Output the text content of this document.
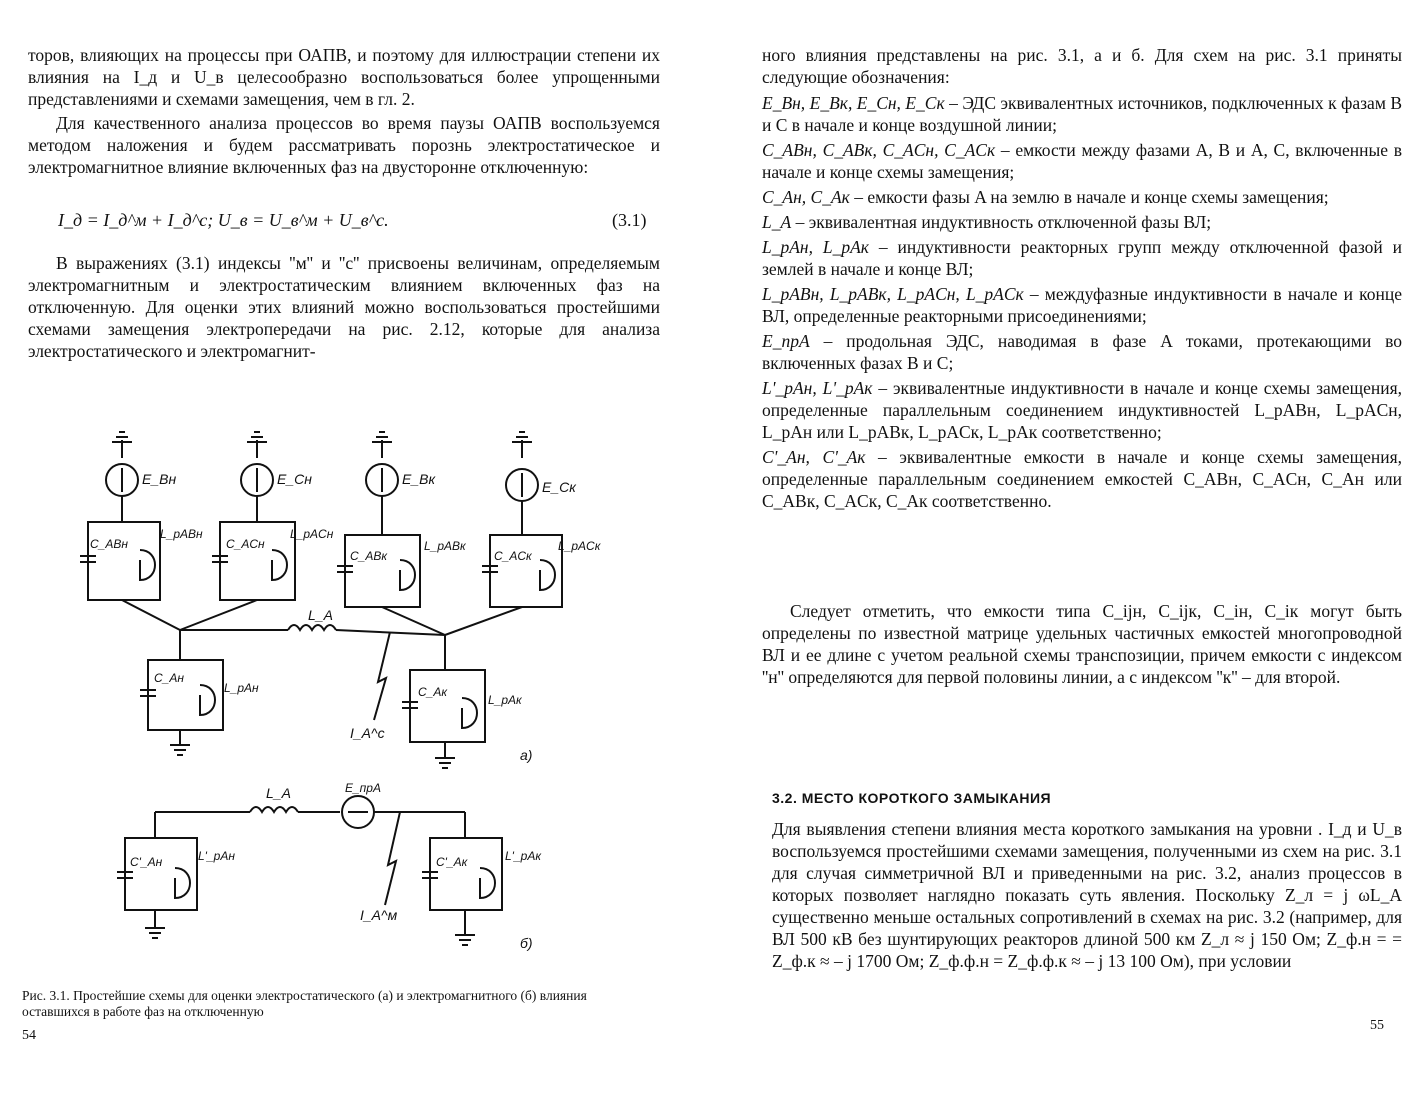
торов, влияющих на процессы при ОАПВ, и поэтому для иллюстрации степени их влияния на I_д и U_в целесообразно воспользоваться более упрощенными представлениями и схемами замещения, чем в гл. 2.
Для качественного анализа процессов во время паузы ОАПВ воспользуемся методом наложения и будем рассматривать порознь электростатическое и электромагнитное влияние включенных фаз на двусторонне отключенную:
I_д = I_д^м + I_д^с; U_в = U_в^м + U_в^с.	(3.1)
В выражениях (3.1) индексы ''м'' и ''с'' присвоены величинам, определяемым электромагнитным и электростатическим влиянием включенных фаз на отключенную. Для оценки этих влияний можно воспользоваться простейшими схемами замещения электропередачи на рис. 2.12, которые для анализа электростатического и электромагнит-
E_Bн	E_Cн	E_Bк	E_Cк
C_ABн	C_ACн
C_ABк	C_ACк
L_pABн	L_pACн
L_pABк	L_pACк
L_A
C_Aн
L_pAн	C_Aк
L_pAк
I_A^c
а)
E_прA
L_A
C'_Aн	L'_pAн	C'_Aк	L'_pAк
I_A^м
б)
Рис. 3.1. Простейшие схемы для оценки электростатического (а) и электромагнитного (б) влияния оставшихся в работе фаз на отключенную
54
ного влияния представлены на рис. 3.1, а и б. Для схем на рис. 3.1 приняты следующие обозначения:
E_Bн, E_Bк, E_Cн, E_Cк – ЭДС эквивалентных источников, подключенных к фазам B и C в начале и конце воздушной линии;
C_ABн, C_ABк, C_ACн, C_ACк – емкости между фазами A, B и A, C, включенные в начале и конце схемы замещения;
C_Aн, C_Aк – емкости фазы A на землю в начале и конце схемы замещения;
L_A – эквивалентная индуктивность отключенной фазы ВЛ;
L_pAн, L_pAк – индуктивности реакторных групп между отключенной фазой и землей в начале и конце ВЛ;
L_pABн, L_pABк, L_pACн, L_pACк – междуфазные индуктивности в начале и конце ВЛ, определенные реакторными присоединениями;
E_прA – продольная ЭДС, наводимая в фазе A токами, протекающими во включенных фазах B и C;
L'_pAн, L'_pAк – эквивалентные индуктивности в начале и конце схемы замещения, определенные параллельным соединением индуктивностей L_pABн, L_pACн, L_pAн или L_pABк, L_pACк, L_pAк соответственно;
C'_Aн, C'_Aк – эквивалентные емкости в начале и конце схемы замещения, определенные параллельным соединением емкостей C_ABн, C_ACн, C_Aн или C_ABк, C_ACк, C_Aк соответственно.
Следует отметить, что емкости типа C_ijн, C_ijк, C_iн, C_iк могут быть определены по известной матрице удельных частичных емкостей многопроводной ВЛ и ее длине с учетом реальной схемы транспозиции, причем емкости с индексом ''н'' определяются для первой половины линии, а с индексом ''к'' – для второй.
3.2. МЕСТО КОРОТКОГО ЗАМЫКАНИЯ
Для выявления степени влияния места короткого замыкания на уровни . I_д и U_в воспользуемся простейшими схемами замещения, полученными из схем на рис. 3.1 для случая симметричной ВЛ и приведенными на рис. 3.2, анализ процессов в которых позволяет наглядно показать суть явления. Поскольку Z_л = j ωL_A существенно меньше остальных сопротивлений в схемах на рис. 3.2 (например, для ВЛ 500 кВ без шунтирующих реакторов длиной 500 км Z_л ≈ j 150 Ом; Z_ф.н = = Z_ф.к ≈ – j 1700 Ом; Z_ф.ф.н = Z_ф.ф.к ≈ – j 13 100 Ом), при условии
55
